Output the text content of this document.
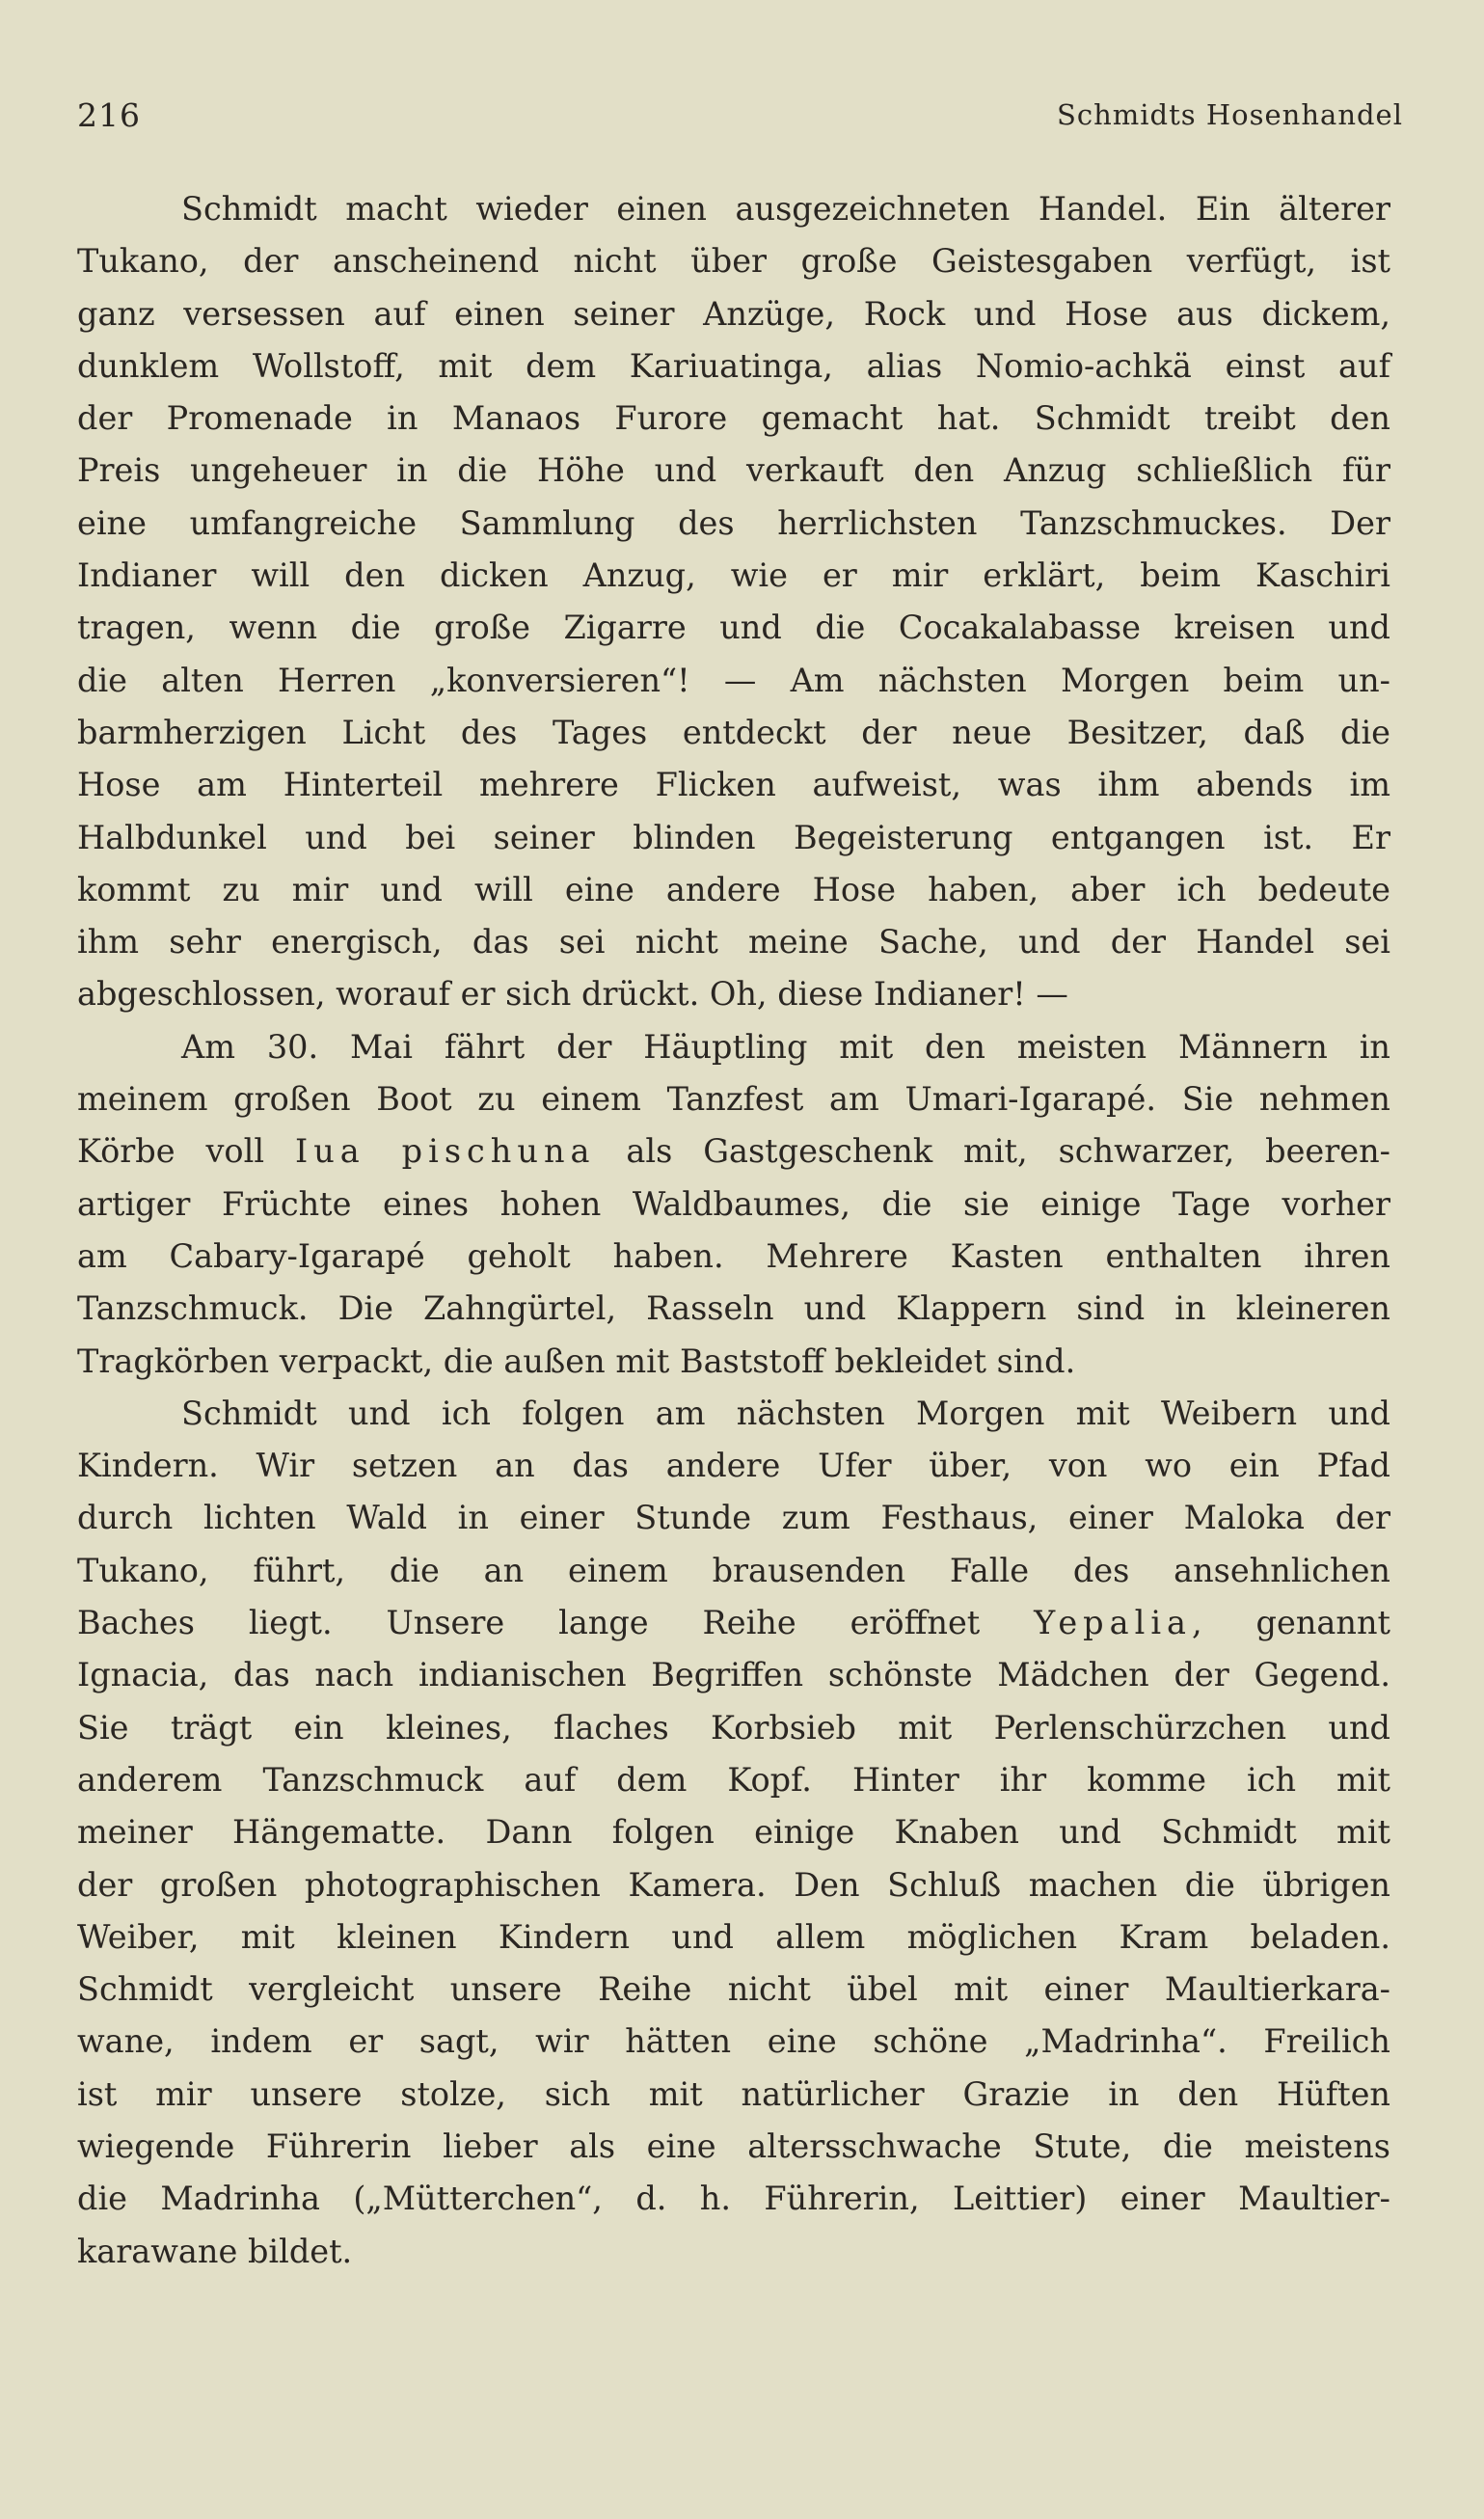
216	Schmidts Hosenhandel
Schmidt macht wieder einen ausgezeichneten Handel. Ein älterer
Tukano, der anscheinend nicht über große Geistesgaben verfügt, ist
ganz versessen auf einen seiner Anzüge, Rock und Hose aus dickem,
dunklem Wollstoff, mit dem Kariuatinga, alias Nomio-achkä einst auf
der Promenade in Manaos Furore gemacht hat. Schmidt treibt den
Preis ungeheuer in die Höhe und verkauft den Anzug schließlich für
eine umfangreiche Sammlung des herrlichsten Tanzschmuckes. Der
Indianer will den dicken Anzug, wie er mir erklärt, beim Kaschiri
tragen, wenn die große Zigarre und die Cocakalabasse kreisen und
die alten Herren „konversieren“! — Am nächsten Morgen beim un-
barmherzigen Licht des Tages entdeckt der neue Besitzer, daß die
Hose am Hinterteil mehrere Flicken aufweist, was ihm abends im
Halbdunkel und bei seiner blinden Begeisterung entgangen ist. Er
kommt zu mir und will eine andere Hose haben, aber ich bedeute
ihm sehr energisch, das sei nicht meine Sache, und der Handel sei
abgeschlossen, worauf er sich drückt. Oh, diese Indianer! —
Am 30. Mai fährt der Häuptling mit den meisten Männern in
meinem großen Boot zu einem Tanzfest am Umari-Igarapé. Sie nehmen
Körbe voll Iua pischuna als Gastgeschenk mit, schwarzer, beeren-
artiger Früchte eines hohen Waldbaumes, die sie einige Tage vorher
am Cabary-Igarapé geholt haben. Mehrere Kasten enthalten ihren
Tanzschmuck. Die Zahngürtel, Rasseln und Klappern sind in kleineren
Tragkörben verpackt, die außen mit Baststoff bekleidet sind.
Schmidt und ich folgen am nächsten Morgen mit Weibern und
Kindern. Wir setzen an das andere Ufer über, von wo ein Pfad
durch lichten Wald in einer Stunde zum Festhaus, einer Maloka der
Tukano, führt, die an einem brausenden Falle des ansehnlichen
Baches liegt. Unsere lange Reihe eröffnet Yepalia, genannt
Ignacia, das nach indianischen Begriffen schönste Mädchen der Gegend.
Sie trägt ein kleines, flaches Korbsieb mit Perlenschürzchen und
anderem Tanzschmuck auf dem Kopf. Hinter ihr komme ich mit
meiner Hängematte. Dann folgen einige Knaben und Schmidt mit
der großen photographischen Kamera. Den Schluß machen die übrigen
Weiber, mit kleinen Kindern und allem möglichen Kram beladen.
Schmidt vergleicht unsere Reihe nicht übel mit einer Maultierkara-
wane, indem er sagt, wir hätten eine schöne „Madrinha“. Freilich
ist mir unsere stolze, sich mit natürlicher Grazie in den Hüften
wiegende Führerin lieber als eine altersschwache Stute, die meistens
die Madrinha („Mütterchen“, d. h. Führerin, Leittier) einer Maultier-
karawane bildet.
